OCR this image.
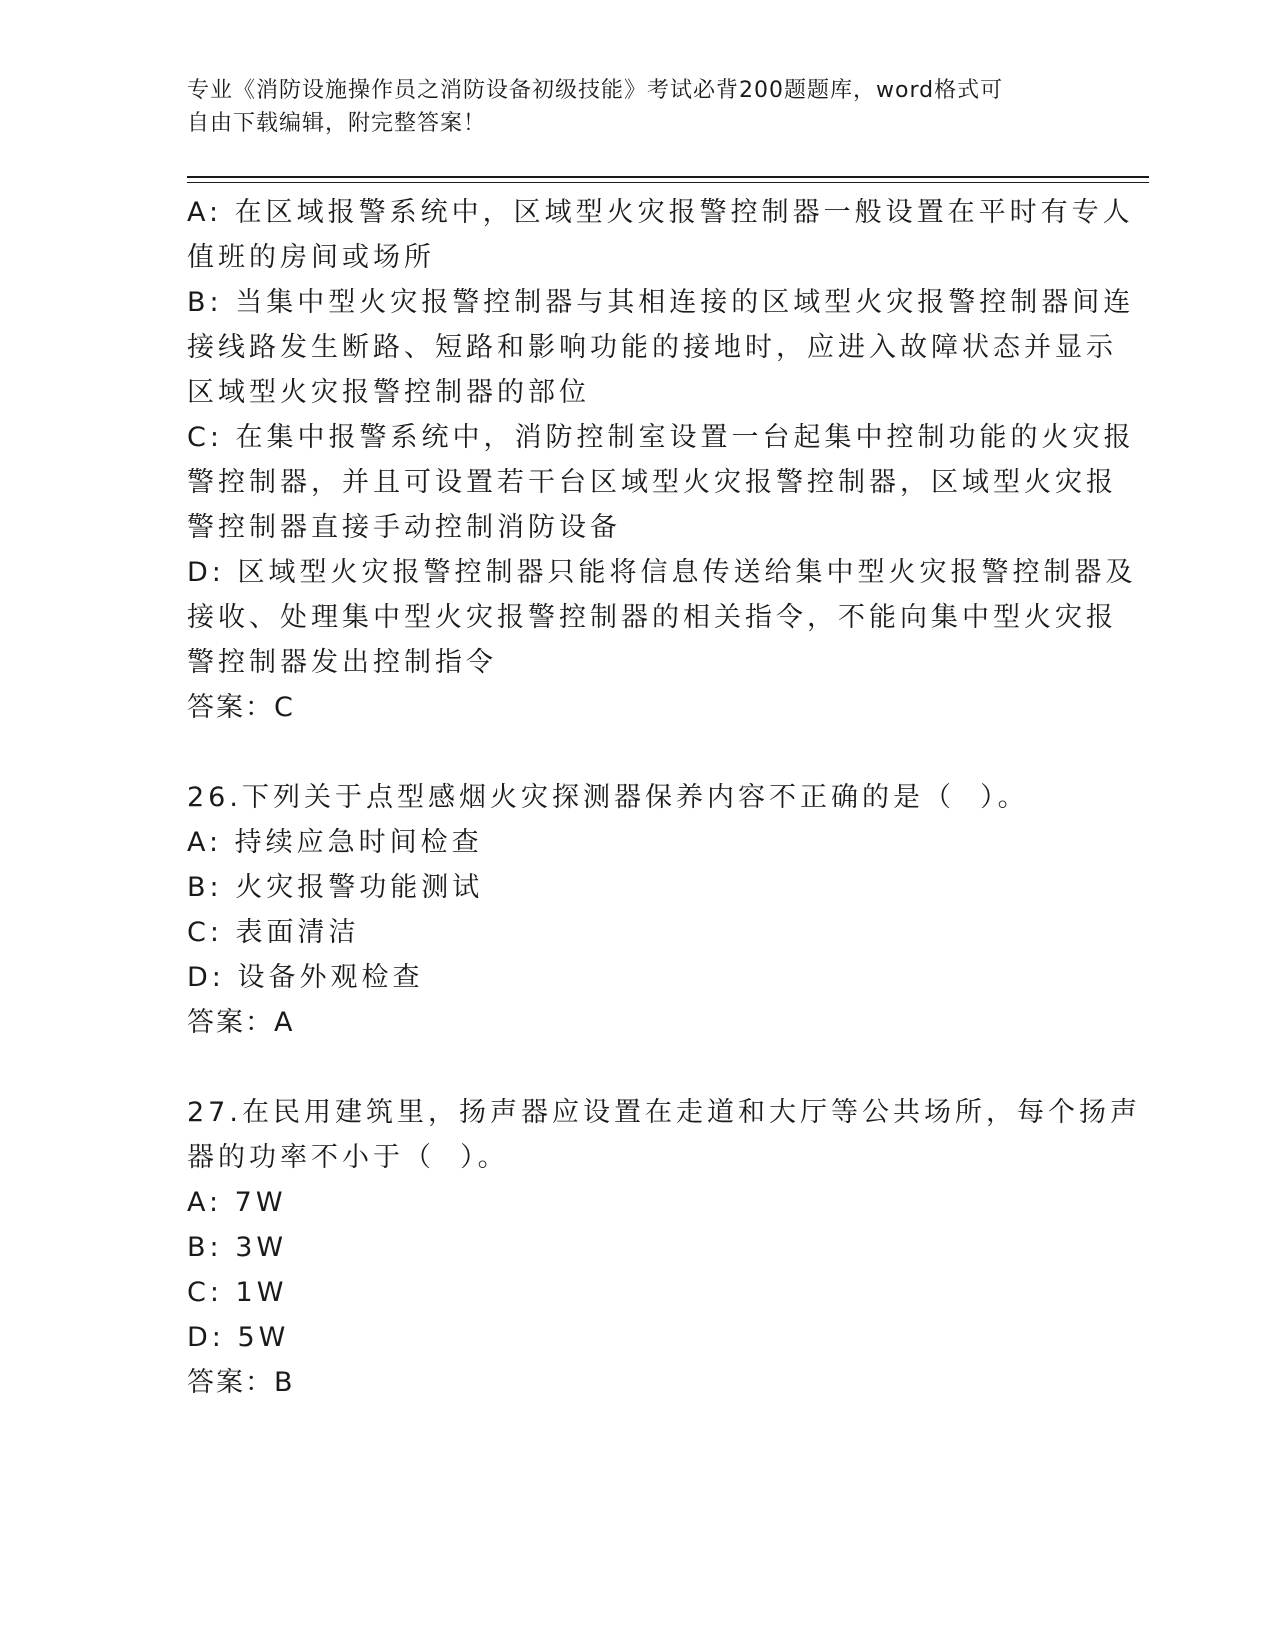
专业《消防设施操作员之消防设备初级技能》考试必背200题题库，word格式可
自由下载编辑，附完整答案！
A: 在区域报警系统中，区域型火灾报警控制器一般设置在平时有专人
值班的房间或场所
B: 当集中型火灾报警控制器与其相连接的区域型火灾报警控制器间连
接线路发生断路、短路和影响功能的接地时，应进入故障状态并显示
区域型火灾报警控制器的部位
C: 在集中报警系统中，消防控制室设置一台起集中控制功能的火灾报
警控制器，并且可设置若干台区域型火灾报警控制器，区域型火灾报
警控制器直接手动控制消防设备
D: 区域型火灾报警控制器只能将信息传送给集中型火灾报警控制器及
接收、处理集中型火灾报警控制器的相关指令，不能向集中型火灾报
警控制器发出控制指令
答案：C
26.下列关于点型感烟火灾探测器保养内容不正确的是（  ）。
A: 持续应急时间检查
B: 火灾报警功能测试
C: 表面清洁
D: 设备外观检查
答案：A
27.在民用建筑里，扬声器应设置在走道和大厅等公共场所，每个扬声
器的功率不小于（  ）。
A: 7W
B: 3W
C: 1W
D: 5W
答案：B
